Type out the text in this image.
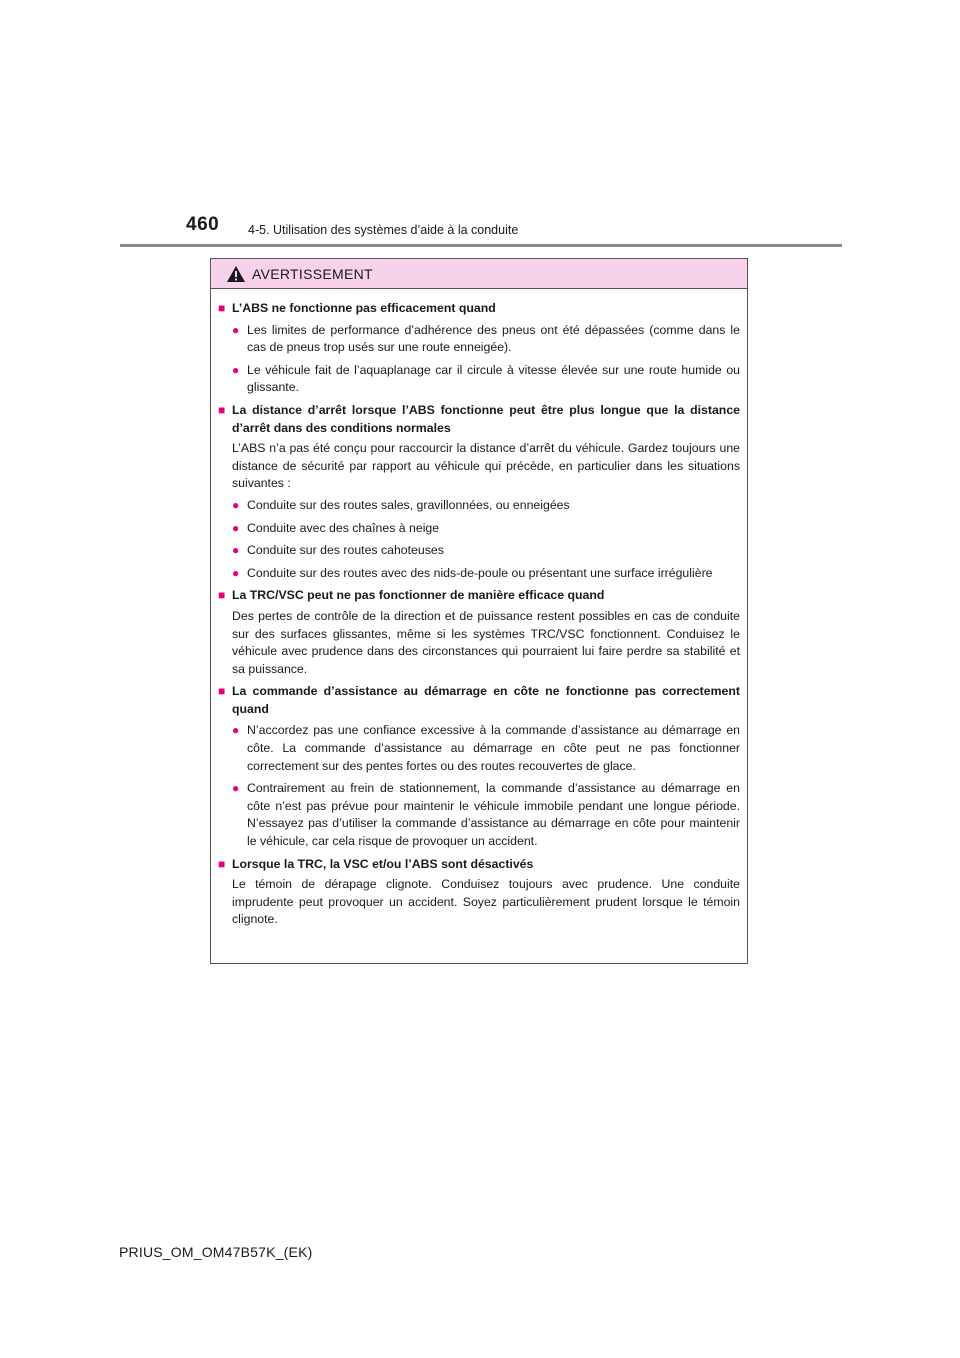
460 4-5. Utilisation des systèmes d’aide à la conduite
AVERTISSEMENT
■ L’ABS ne fonctionne pas efficacement quand
● Les limites de performance d’adhérence des pneus ont été dépassées (comme dans le cas de pneus trop usés sur une route enneigée).
● Le véhicule fait de l’aquaplanage car il circule à vitesse élevée sur une route humide ou glissante.
■ La distance d’arrêt lorsque l’ABS fonctionne peut être plus longue que la distance d’arrêt dans des conditions normales
L’ABS n’a pas été conçu pour raccourcir la distance d’arrêt du véhicule. Gardez toujours une distance de sécurité par rapport au véhicule qui précède, en particulier dans les situations suivantes :
● Conduite sur des routes sales, gravillonnées, ou enneigées
● Conduite avec des chaînes à neige
● Conduite sur des routes cahoteuses
● Conduite sur des routes avec des nids-de-poule ou présentant une surface irrégulière
■ La TRC/VSC peut ne pas fonctionner de manière efficace quand
Des pertes de contrôle de la direction et de puissance restent possibles en cas de conduite sur des surfaces glissantes, même si les systèmes TRC/VSC fonctionnent. Conduisez le véhicule avec prudence dans des circonstances qui pourraient lui faire perdre sa stabilité et sa puissance.
■ La commande d’assistance au démarrage en côte ne fonctionne pas correctement quand
● N’accordez pas une confiance excessive à la commande d’assistance au démarrage en côte. La commande d’assistance au démarrage en côte peut ne pas fonctionner correctement sur des pentes fortes ou des routes recouvertes de glace.
● Contrairement au frein de stationnement, la commande d’assistance au démarrage en côte n’est pas prévue pour maintenir le véhicule immobile pendant une longue période. N’essayez pas d’utiliser la commande d’assistance au démarrage en côte pour maintenir le véhicule, car cela risque de provoquer un accident.
■ Lorsque la TRC, la VSC et/ou l’ABS sont désactivés
Le témoin de dérapage clignote. Conduisez toujours avec prudence. Une conduite imprudente peut provoquer un accident. Soyez particulièrement prudent lorsque le témoin clignote.
PRIUS_OM_OM47B57K_(EK)
